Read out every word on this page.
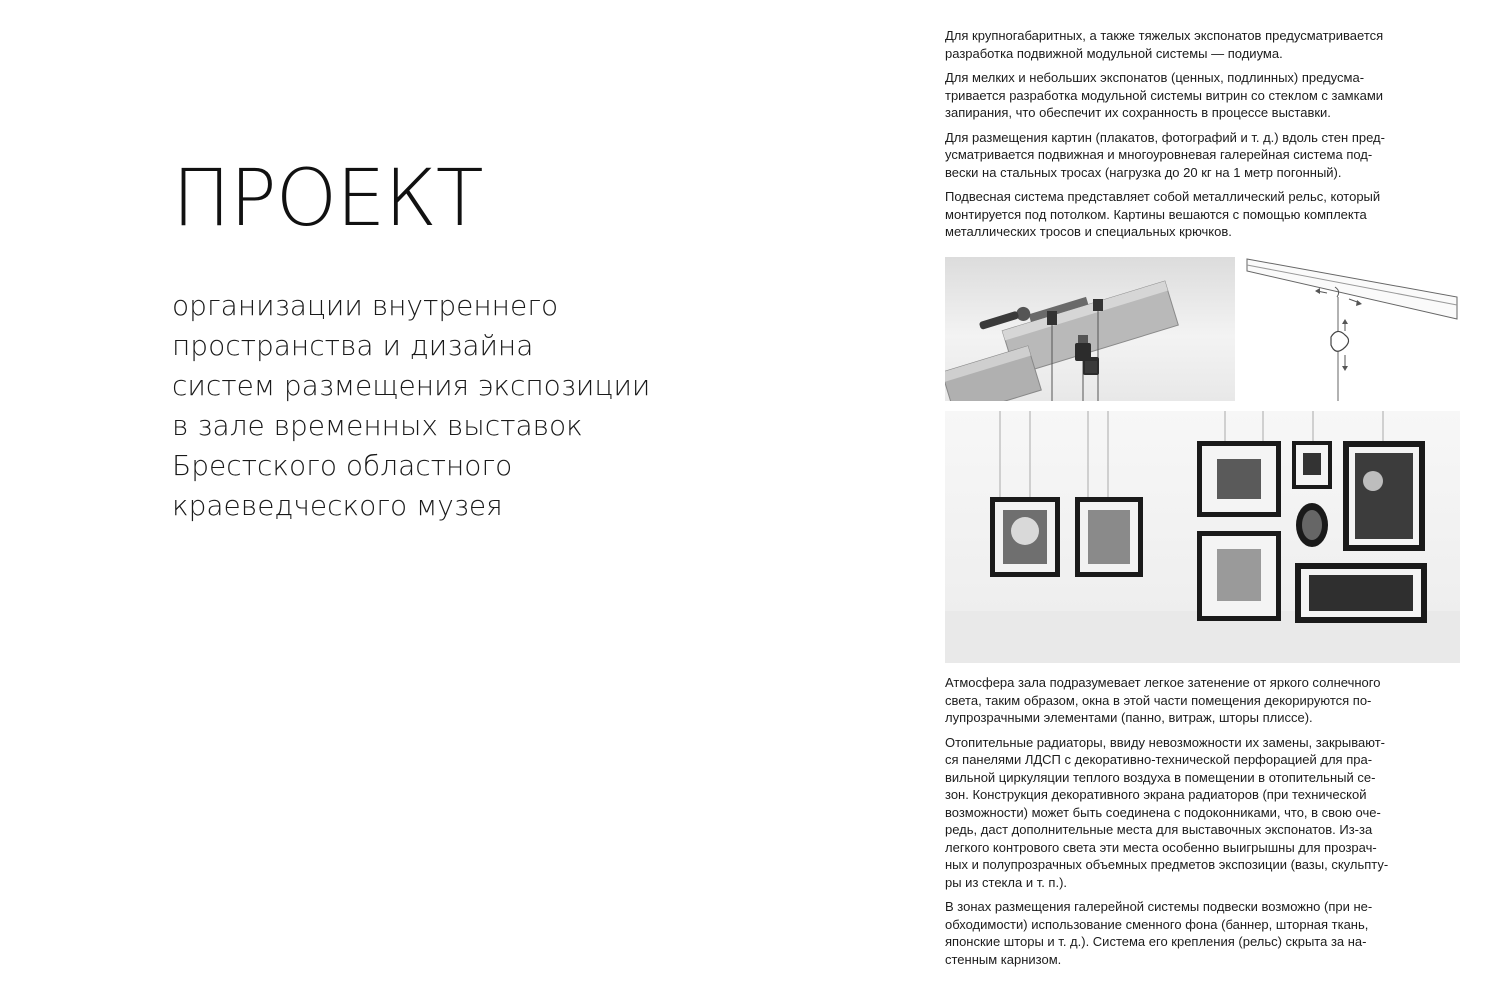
ПРОЕКТ
организации внутреннего
пространства и дизайна
систем размещения экспозиции
в зале временных выставок
Брестского областного
краеведческого музея

Для крупногабаритных, а также тяжелых экспонатов предусматривается
разработка подвижной модульной системы — подиума.

Для мелких и небольших экспонатов (ценных, подлинных) предусма-
тривается разработка модульной системы витрин со стеклом с замками
запирания, что обеспечит их сохранность в процессе выставки.

Для размещения картин (плакатов, фотографий и т. д.) вдоль стен пред-
усматривается подвижная и многоуровневая галерейная система под-
вески на стальных тросах (нагрузка до 20 кг на 1 метр погонный).

Подвесная система представляет собой металлический рельс, который
монтируется под потолком. Картины вешаются с помощью комплекта
металлических тросов и специальных крючков.

Атмосфера зала подразумевает легкое затенение от яркого солнечного
света, таким образом, окна в этой части помещения декорируются по-
лупрозрачными элементами (панно, витраж, шторы плиссе).

Отопительные радиаторы, ввиду невозможности их замены, закрывают-
ся панелями ЛДСП с декоративно-технической перфорацией для пра-
вильной циркуляции теплого воздуха в помещении в отопительный се-
зон. Конструкция декоративного экрана радиаторов (при технической
возможности) может быть соединена с подоконниками, что, в свою оче-
редь, даст дополнительные места для выставочных экспонатов. Из-за
легкого контрового света эти места особенно выигрышны для прозрач-
ных и полупрозрачных объемных предметов экспозиции (вазы, скульпту-
ры из стекла и т. п.).

В зонах размещения галерейной системы подвески возможно (при не-
обходимости) использование сменного фона (баннер, шторная ткань,
японские шторы и т. д.). Система его крепления (рельс) скрыта за на-
стенным карнизом.
